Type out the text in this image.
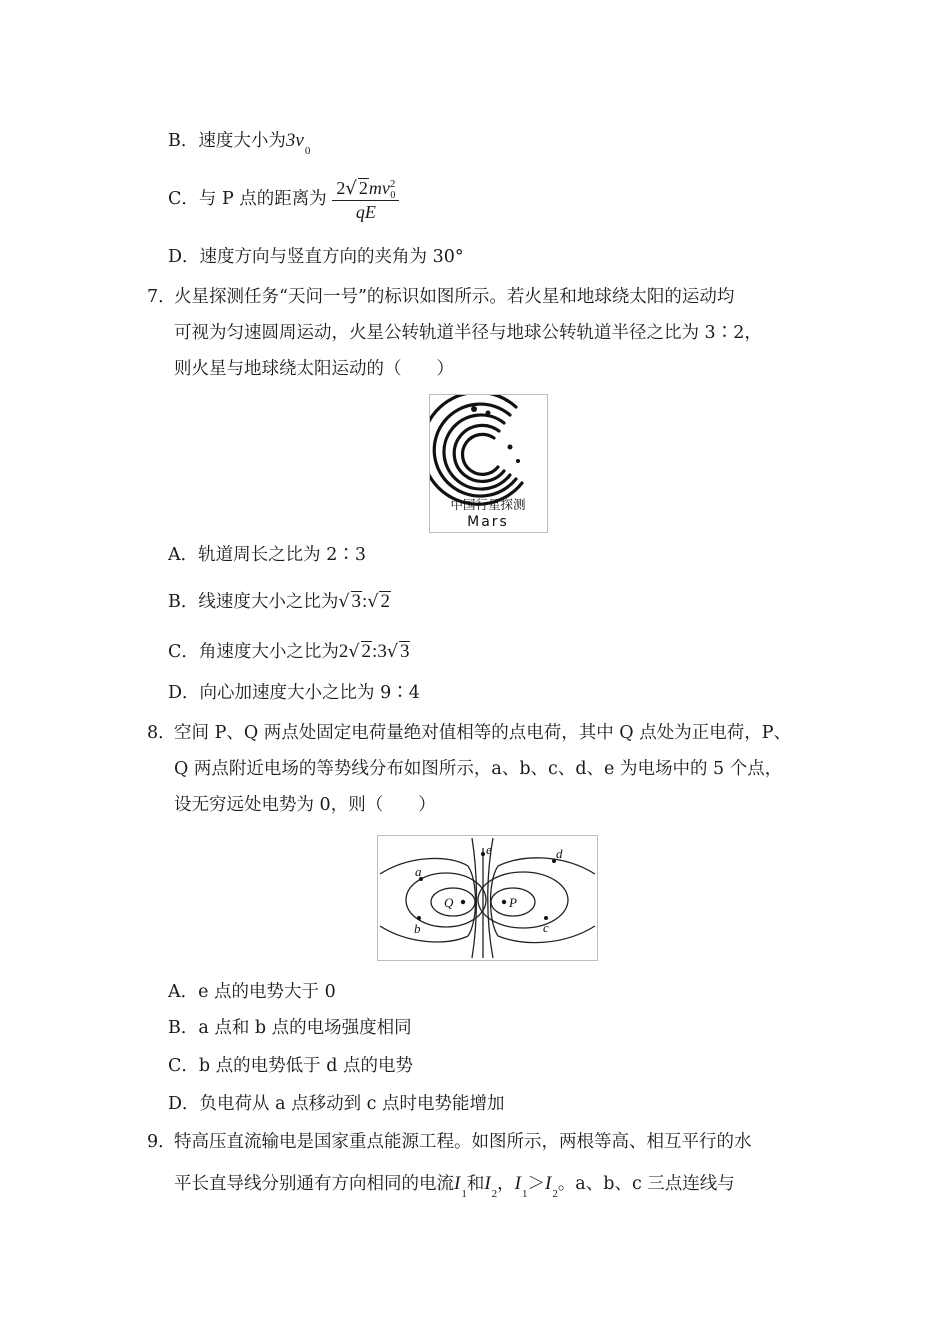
B．速度大小为$3v_0$
C．与 P 点的距离为 $\frac{2√ 2mv^2_0}{qE}$
D．速度方向与竖直方向的夹角为 30°
7．
火星探测任务“天问一号”的标识如图所示。若火星和地球绕太阳的运动均
可视为匀速圆周运动，火星公转轨道半径与地球公转轨道半径之比为 3∶2，
则火星与地球绕太阳运动的（　　）
中国行星探测
Mars
A．轨道周长之比为 2∶3
B．线速度大小之比为√ 3:√ 2
C．角速度大小之比为2√ 2:3√ 3
D．向心加速度大小之比为 9∶4
8．
空间 P、Q 两点处固定电荷量绝对值相等的点电荷，其中 Q 点处为正电荷，P、
Q 两点附近电场的等势线分布如图所示，a、b、c、d、e 为电场中的 5 个点，
设无穷远处电势为 0，则（　　）
a
b	c
d
e
Q	P
A．e 点的电势大于 0
B．a 点和 b 点的电场强度相同
C．b 点的电势低于 d 点的电势
D．负电荷从 a 点移动到 c 点时电势能增加
9．
特高压直流输电是国家重点能源工程。如图所示，两根等高、相互平行的水
平长直导线分别通有方向相同的电流$I_1$和$I_2$，$I_1>I_2$。a、b、c 三点连线与
